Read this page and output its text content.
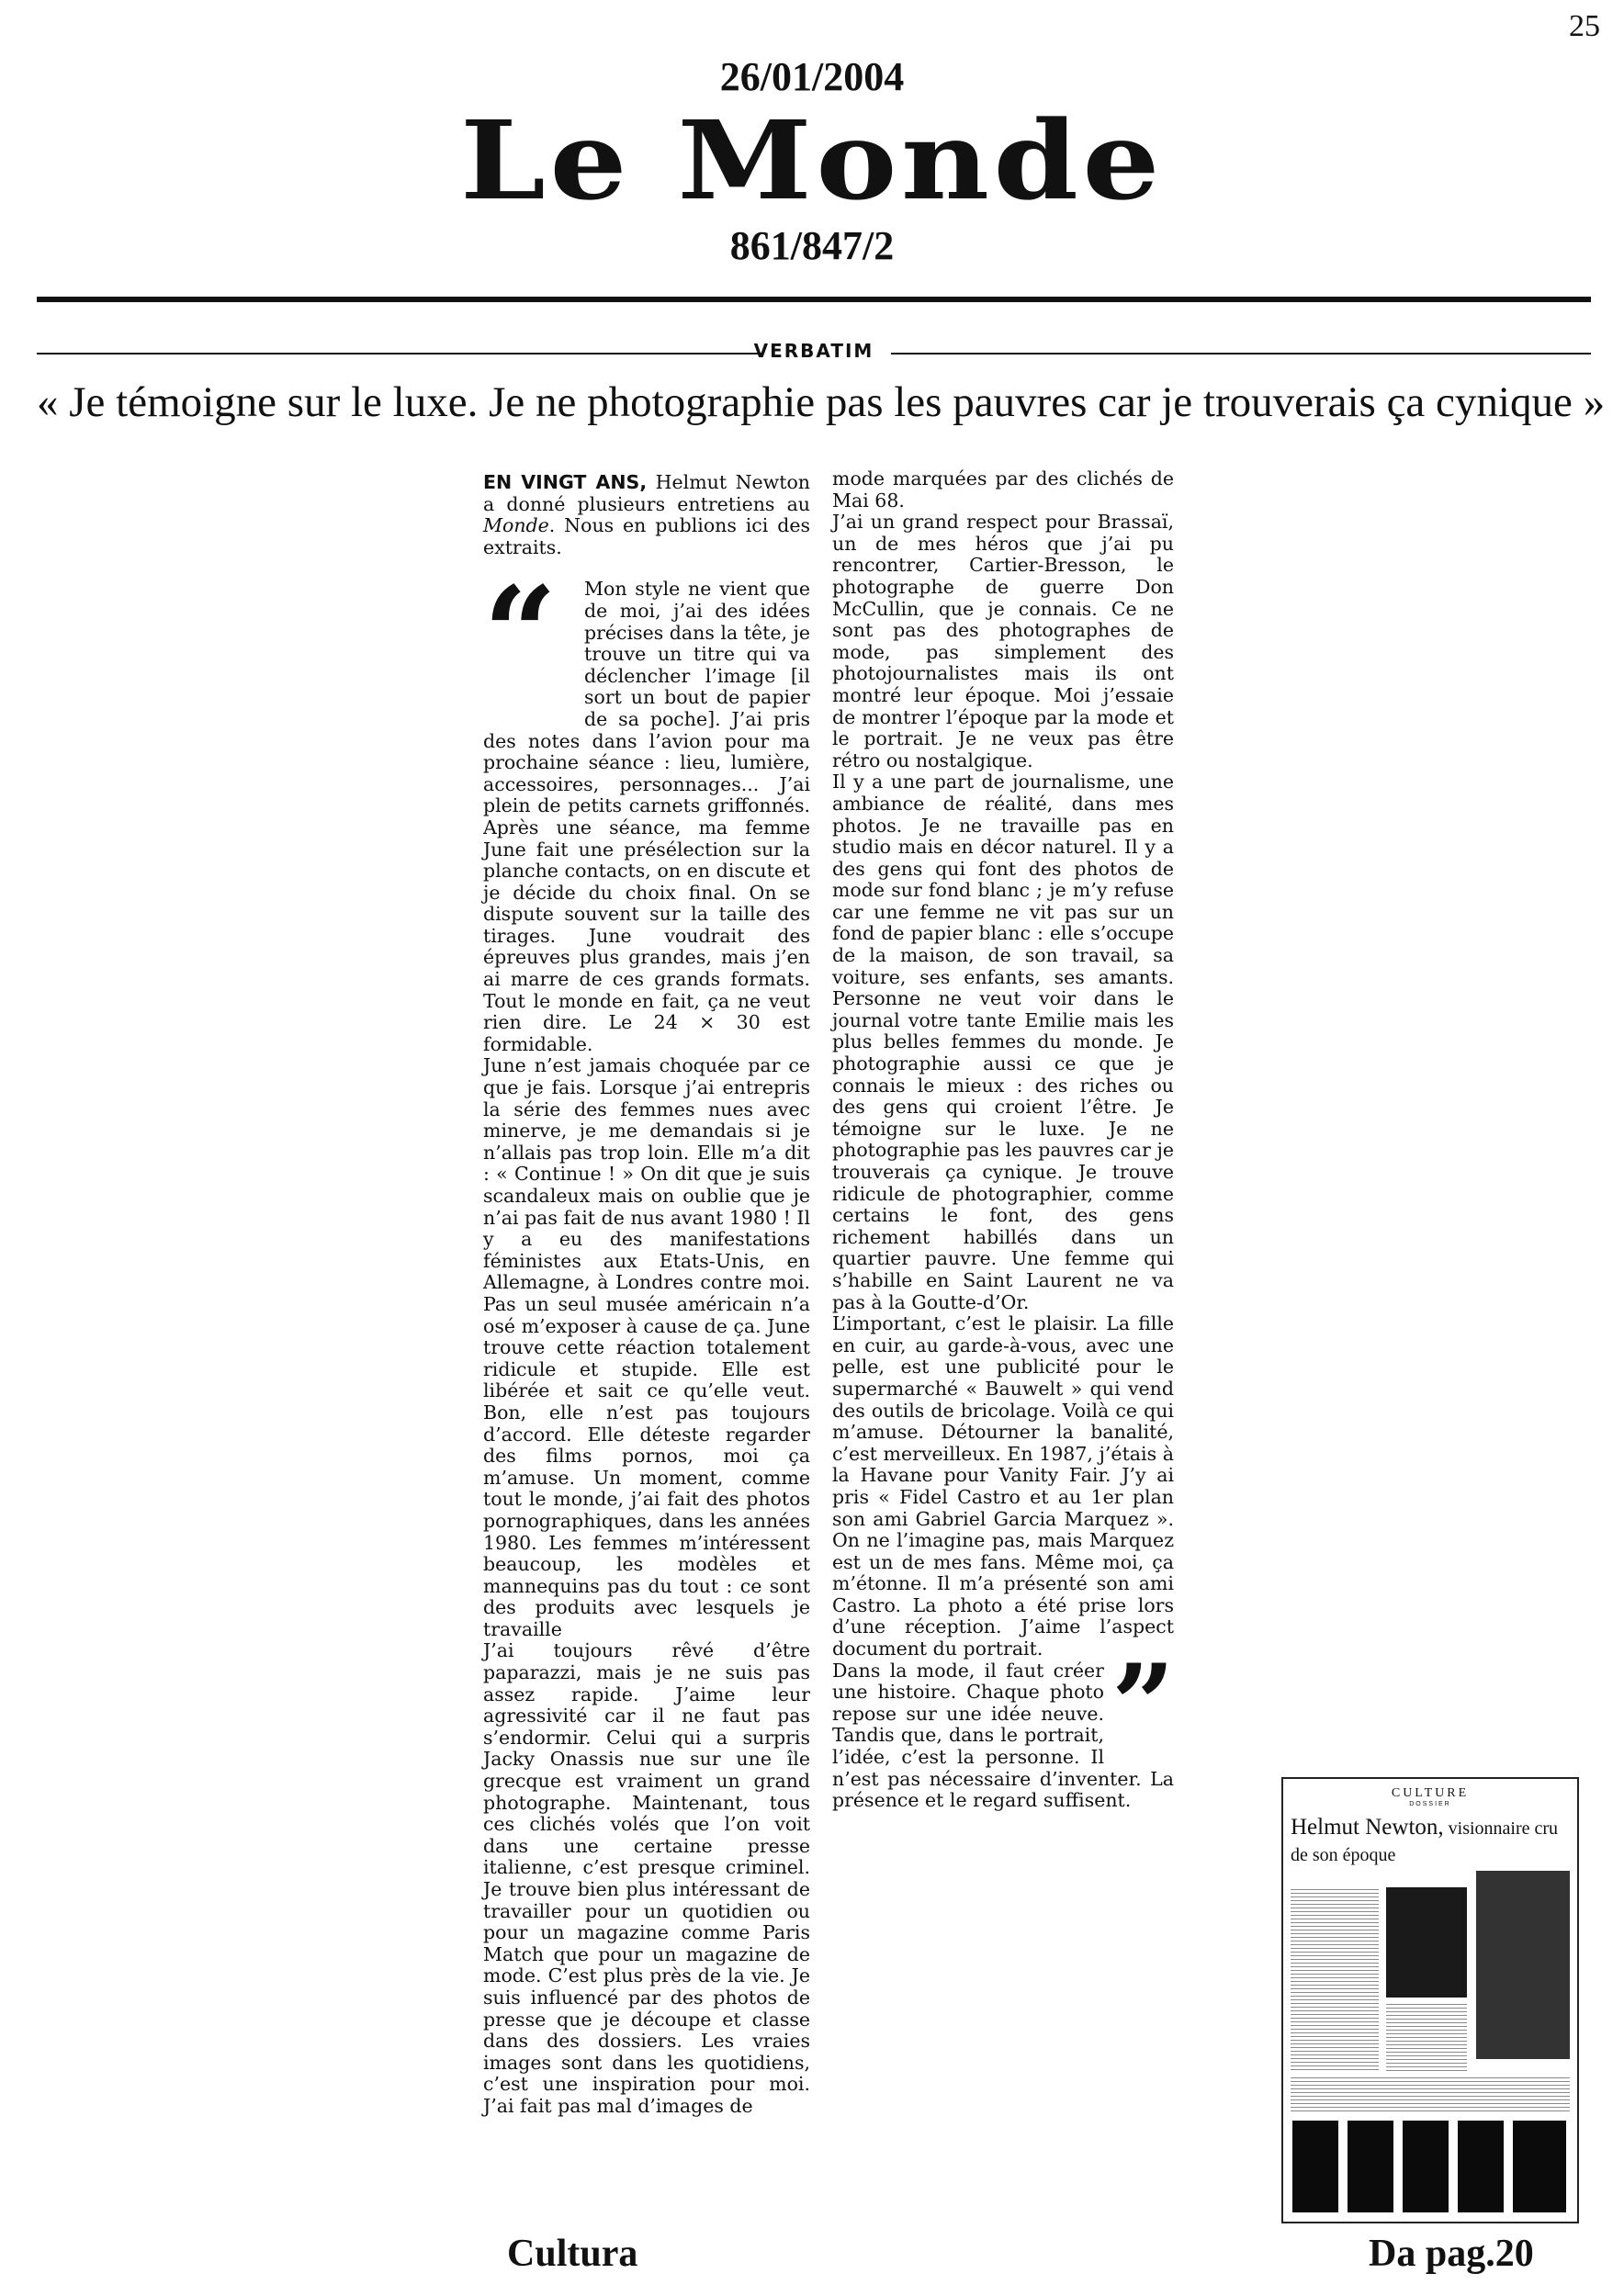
25
26/01/2004
Le Monde
861/847/2
VERBATIM
« Je témoigne sur le luxe. Je ne photographie pas les pauvres car je trouverais ça cynique »

EN VINGT ANS, Helmut Newton a donné plusieurs entretiens au Monde. Nous en publions ici des extraits.

“	Mon style ne vient que de moi, j’ai des idées précises dans la tête, je trouve un titre qui va déclencher l’image [il sort un bout de papier de sa poche]. J’ai pris des notes dans l’avion pour ma prochaine séance : lieu, lumière, accessoires, personnages... J’ai plein de petits carnets griffonnés. Après une séance, ma femme June fait une présélection sur la planche contacts, on en discute et je décide du choix final. On se dispute souvent sur la taille des tirages. June voudrait des épreuves plus grandes, mais j’en ai marre de ces grands formats. Tout le monde en fait, ça ne veut rien dire. Le 24 × 30 est formidable.

June n’est jamais choquée par ce que je fais. Lorsque j’ai entrepris la série des femmes nues avec minerve, je me demandais si je n’allais pas trop loin. Elle m’a dit : « Continue ! » On dit que je suis scandaleux mais on oublie que je n’ai pas fait de nus avant 1980 ! Il y a eu des manifestations féministes aux Etats-Unis, en Allemagne, à Londres contre moi. Pas un seul musée américain n’a osé m’exposer à cause de ça. June trouve cette réaction totalement ridicule et stupide. Elle est libérée et sait ce qu’elle veut. Bon, elle n’est pas toujours d’accord. Elle déteste regarder des films pornos, moi ça m’amuse. Un moment, comme tout le monde, j’ai fait des photos pornographiques, dans les années 1980. Les femmes m’intéressent beaucoup, les modèles et mannequins pas du tout : ce sont des produits avec lesquels je travaille

J’ai toujours rêvé d’être paparazzi, mais je ne suis pas assez rapide. J’aime leur agressivité car il ne faut pas s’endormir. Celui qui a surpris Jacky Onassis nue sur une île grecque est vraiment un grand photographe. Maintenant, tous ces clichés volés que l’on voit dans une certaine presse italienne, c’est presque criminel. Je trouve bien plus intéressant de travailler pour un quotidien ou pour un magazine comme Paris Match que pour un magazine de mode. C’est plus près de la vie. Je suis influencé par des photos de presse que je découpe et classe dans des dossiers. Les vraies images sont dans les quotidiens, c’est une inspiration pour moi. J’ai fait pas mal d’images de

mode marquées par des clichés de Mai 68.

J’ai un grand respect pour Brassaï, un de mes héros que j’ai pu rencontrer, Cartier-Bresson, le photographe de guerre Don McCullin, que je connais. Ce ne sont pas des photographes de mode, pas simplement des photojournalistes mais ils ont montré leur époque. Moi j’essaie de montrer l’époque par la mode et le portrait. Je ne veux pas être rétro ou nostalgique.

Il y a une part de journalisme, une ambiance de réalité, dans mes photos. Je ne travaille pas en studio mais en décor naturel. Il y a des gens qui font des photos de mode sur fond blanc ; je m’y refuse car une femme ne vit pas sur un fond de papier blanc : elle s’occupe de la maison, de son travail, sa voiture, ses enfants, ses amants. Personne ne veut voir dans le journal votre tante Emilie mais les plus belles femmes du monde. Je photographie aussi ce que je connais le mieux : des riches ou des gens qui croient l’être. Je témoigne sur le luxe. Je ne photographie pas les pauvres car je trouverais ça cynique. Je trouve ridicule de photographier, comme certains le font, des gens richement habillés dans un quartier pauvre. Une femme qui s’habille en Saint Laurent ne va pas à la Goutte-d’Or.

L’important, c’est le plaisir. La fille en cuir, au garde-à-vous, avec une pelle, est une publicité pour le supermarché « Bauwelt » qui vend des outils de bricolage. Voilà ce qui m’amuse. Détourner la banalité, c’est merveilleux. En 1987, j’étais à la Havane pour Vanity Fair. J’y ai pris « Fidel Castro et au 1er plan son ami Gabriel Garcia Marquez ». On ne l’imagine pas, mais Marquez est un de mes fans. Même moi, ça m’étonne. Il m’a présenté son ami Castro. La photo a été prise lors d’une réception. J’aime l’aspect document du portrait. ”
Dans la mode, il faut créer une histoire. Chaque photo repose sur une idée neuve. Tandis que, dans le portrait, l’idée, c’est la personne. Il n’est pas nécessaire d’inventer. La présence et le regard suffisent.	CULTURE
DOSSIER
Helmut Newton, visionnaire cru de son époque
Cultura	Da pag.20
